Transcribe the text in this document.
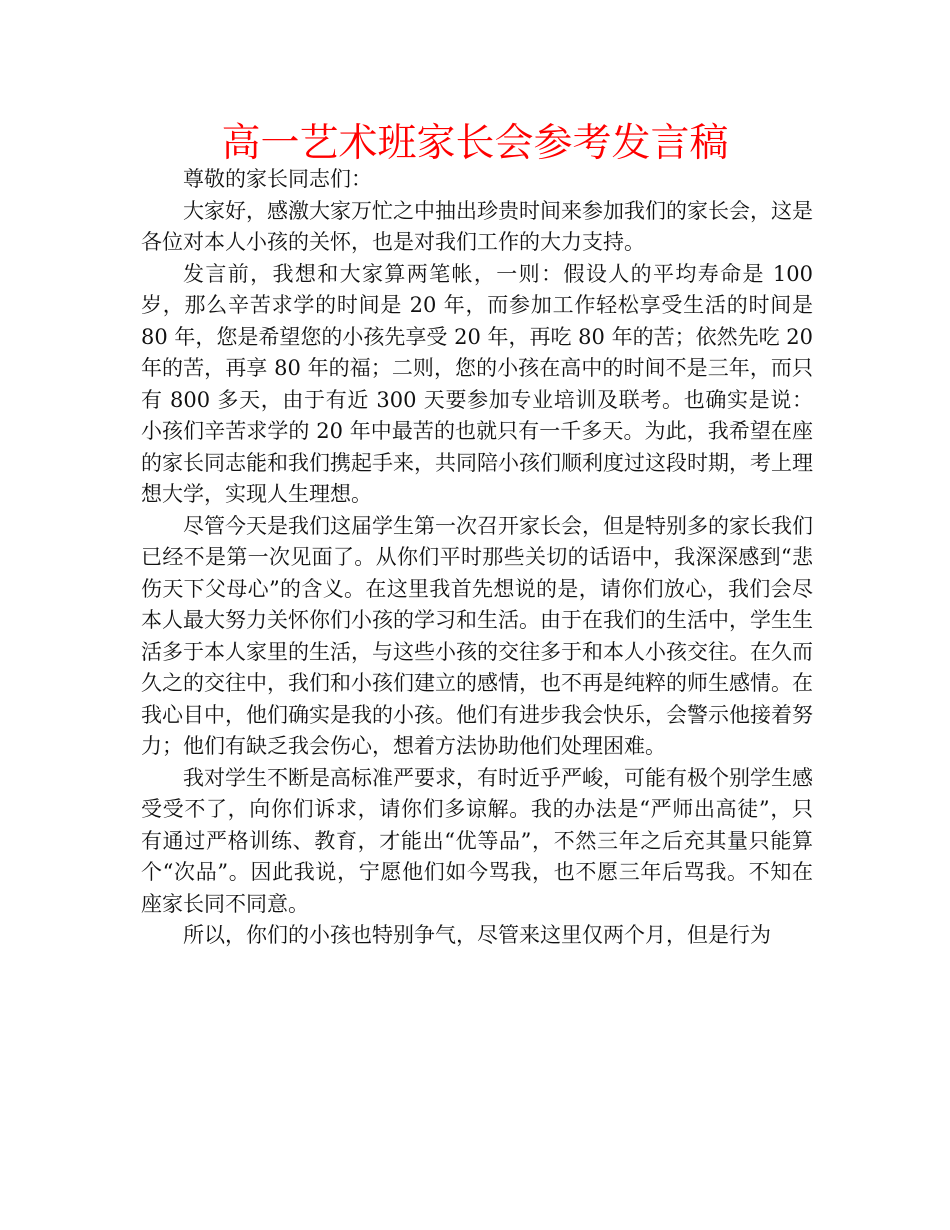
高一艺术班家长会参考发言稿

尊敬的家长同志们：

大家好，感激大家万忙之中抽出珍贵时间来参加我们的家长会，这是各位对本人小孩的关怀，也是对我们工作的大力支持。

发言前，我想和大家算两笔帐，一则：假设人的平均寿命是 100 岁，那么辛苦求学的时间是 20 年，而参加工作轻松享受生活的时间是 80 年，您是希望您的小孩先享受 20 年，再吃 80 年的苦；依然先吃 20 年的苦，再享 80 年的福；二则，您的小孩在高中的时间不是三年，而只有 800 多天，由于有近 300 天要参加专业培训及联考。也确实是说：小孩们辛苦求学的 20 年中最苦的也就只有一千多天。为此，我希望在座的家长同志能和我们携起手来，共同陪小孩们顺利度过这段时期，考上理想大学，实现人生理想。

尽管今天是我们这届学生第一次召开家长会，但是特别多的家长我们已经不是第一次见面了。从你们平时那些关切的话语中，我深深感到“悲伤天下父母心”的含义。在这里我首先想说的是，请你们放心，我们会尽本人最大努力关怀你们小孩的学习和生活。由于在我们的生活中，学生生活多于本人家里的生活，与这些小孩的交往多于和本人小孩交往。在久而久之的交往中，我们和小孩们建立的感情，也不再是纯粹的师生感情。在我心目中，他们确实是我的小孩。他们有进步我会快乐，会警示他接着努力；他们有缺乏我会伤心，想着方法协助他们处理困难。

我对学生不断是高标准严要求，有时近乎严峻，可能有极个别学生感受受不了，向你们诉求，请你们多谅解。我的办法是“严师出高徒”，只有通过严格训练、教育，才能出“优等品”，不然三年之后充其量只能算个“次品”。因此我说，宁愿他们如今骂我，也不愿三年后骂我。不知在座家长同不同意。

所以，你们的小孩也特别争气，尽管来这里仅两个月，但是行为
